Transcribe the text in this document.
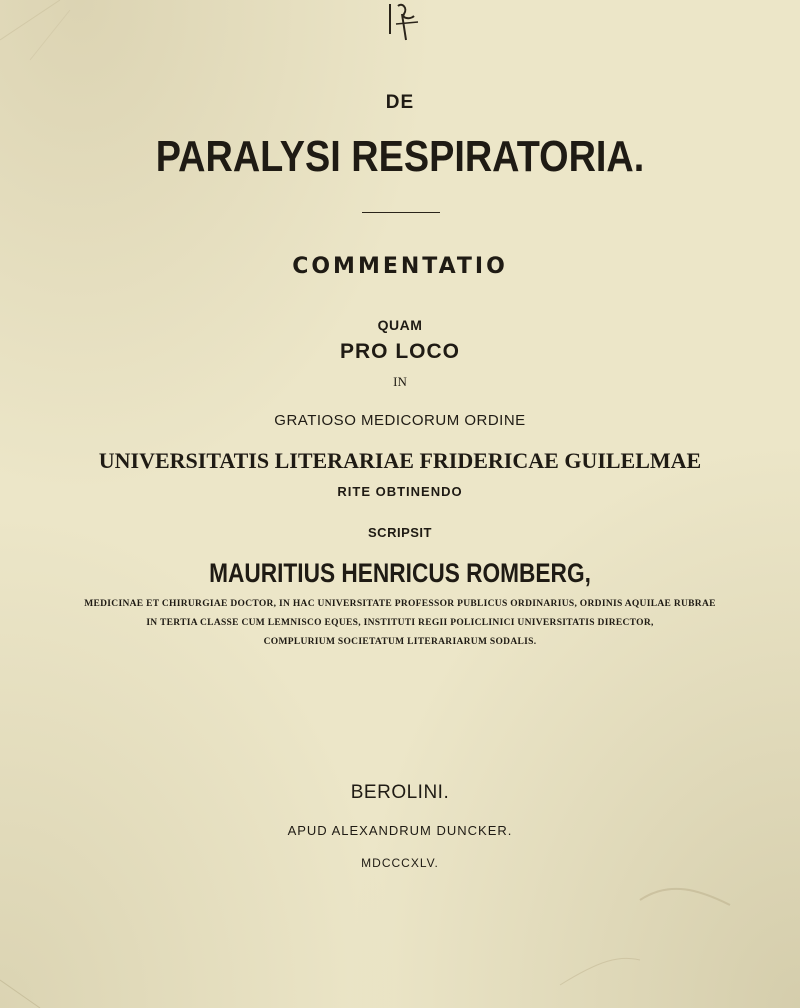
DE
PARALYSI RESPIRATORIA.
COMMENTATIO
QUAM
PRO LOCO
IN
GRATIOSO MEDICORUM ORDINE
UNIVERSITATIS LITERARIAE FRIDERICAE GUILELMAE
RITE OBTINENDO
SCRIPSIT
MAURITIUS HENRICUS ROMBERG,
MEDICINAE ET CHIRURGIAE DOCTOR, IN HAC UNIVERSITATE PROFESSOR PUBLICUS ORDINARIUS, ORDINIS AQUILAE RUBRAE
IN TERTIA CLASSE CUM LEMNISCO EQUES, INSTITUTI REGII POLICLINICI UNIVERSITATIS DIRECTOR,
COMPLURIUM SOCIETATUM LITERARIARUM SODALIS.
BEROLINI.
APUD ALEXANDRUM DUNCKER.
MDCCCXLV.
